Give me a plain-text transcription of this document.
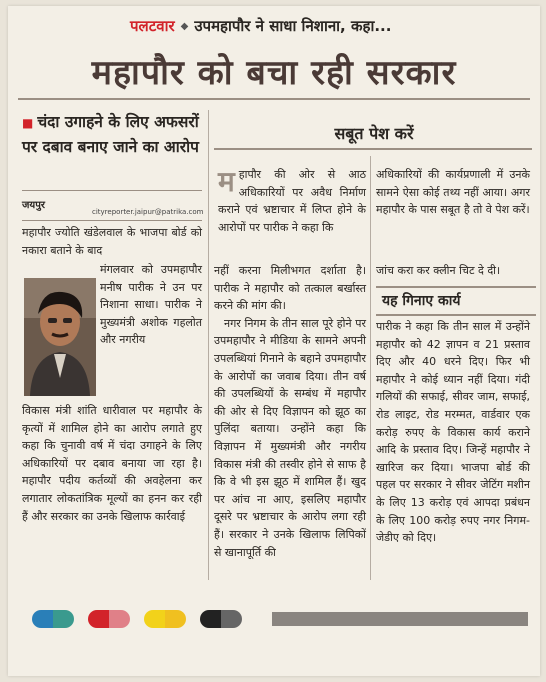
पलटवार ◆ उपमहापौर ने साधा निशाना, कहा...
महापौर को बचा रही सरकार
■ चंदा उगाहने के लिए अफसरों पर दबाव बनाए जाने का आरोप
जयपुर
cityreporter.jaipur@patrika.com

महापौर ज्योति खंडेलवाल के भाजपा बोर्ड को नकारा बताने के बाद

मंगलवार को उपमहापौर मनीष पारीक ने उन पर निशाना साधा। पारीक ने मुख्यमंत्री अशोक गहलोत और नगरीय

विकास मंत्री शांति धारीवाल पर महापौर के कृत्यों में शामिल होने का आरोप लगाते हुए कहा कि चुनावी वर्ष में चंदा उगाहने के लिए अधिकारियों पर दबाव बनाया जा रहा है। महापौर पदीय कर्तव्यों की अवहेलना कर लगातार लोकतांत्रिक मूल्यों का हनन कर रही हैं और सरकार का उनके खिलाफ कार्रवाई

सबूत पेश करें

महापौर की ओर से आठ अधिकारियों पर अवैध निर्माण कराने एवं भ्रष्टाचार में लिप्त होने के आरोपों पर पारीक ने कहा कि

नहीं करना मिलीभगत दर्शाता है। पारीक ने महापौर को तत्काल बर्खास्त करने की मांग की।

नगर निगम के तीन साल पूरे होने पर उपमहापौर ने मीडिया के सामने अपनी उपलब्धियां गिनाने के बहाने उपमहापौर के आरोपों का जवाब दिया। तीन वर्ष की उपलब्धियों के सम्बंध में महापौर की ओर से दिए विज्ञापन को झूठ का पुलिंदा बताया। उन्होंने कहा कि विज्ञापन में मुख्यमंत्री और नगरीय विकास मंत्री की तस्वीर होने से साफ है कि वे भी इस झूठ में शामिल हैं। खुद पर आंच ना आए, इसलिए महापौर दूसरे पर भ्रष्टाचार के आरोप लगा रही हैं। सरकार ने उनके खिलाफ लिपिकों से खानापूर्ति की

अधिकारियों की कार्यप्रणाली में उनके सामने ऐसा कोई तथ्य नहीं आया। अगर महापौर के पास सबूत है तो वे पेश करें।

जांच करा कर क्लीन चिट दे दी।

यह गिनाए कार्य

पारीक ने कहा कि तीन साल में उन्होंने महापौर को 42 ज्ञापन व 21 प्रस्ताव दिए और 40 धरने दिए। फिर भी महापौर ने कोई ध्यान नहीं दिया। गंदी गलियों की सफाई, सीवर जाम, सफाई, रोड लाइट, रोड मरम्मत, वार्डवार एक करोड़ रुपए के विकास कार्य कराने आदि के प्रस्ताव दिए। जिन्हें महापौर ने खारिज कर दिया। भाजपा बोर्ड की पहल पर सरकार ने सीवर जेटिंग मशीन के लिए 13 करोड़ एवं आपदा प्रबंधन के लिए 100 करोड़ रुपए नगर निगम-जेडीए को दिए।
